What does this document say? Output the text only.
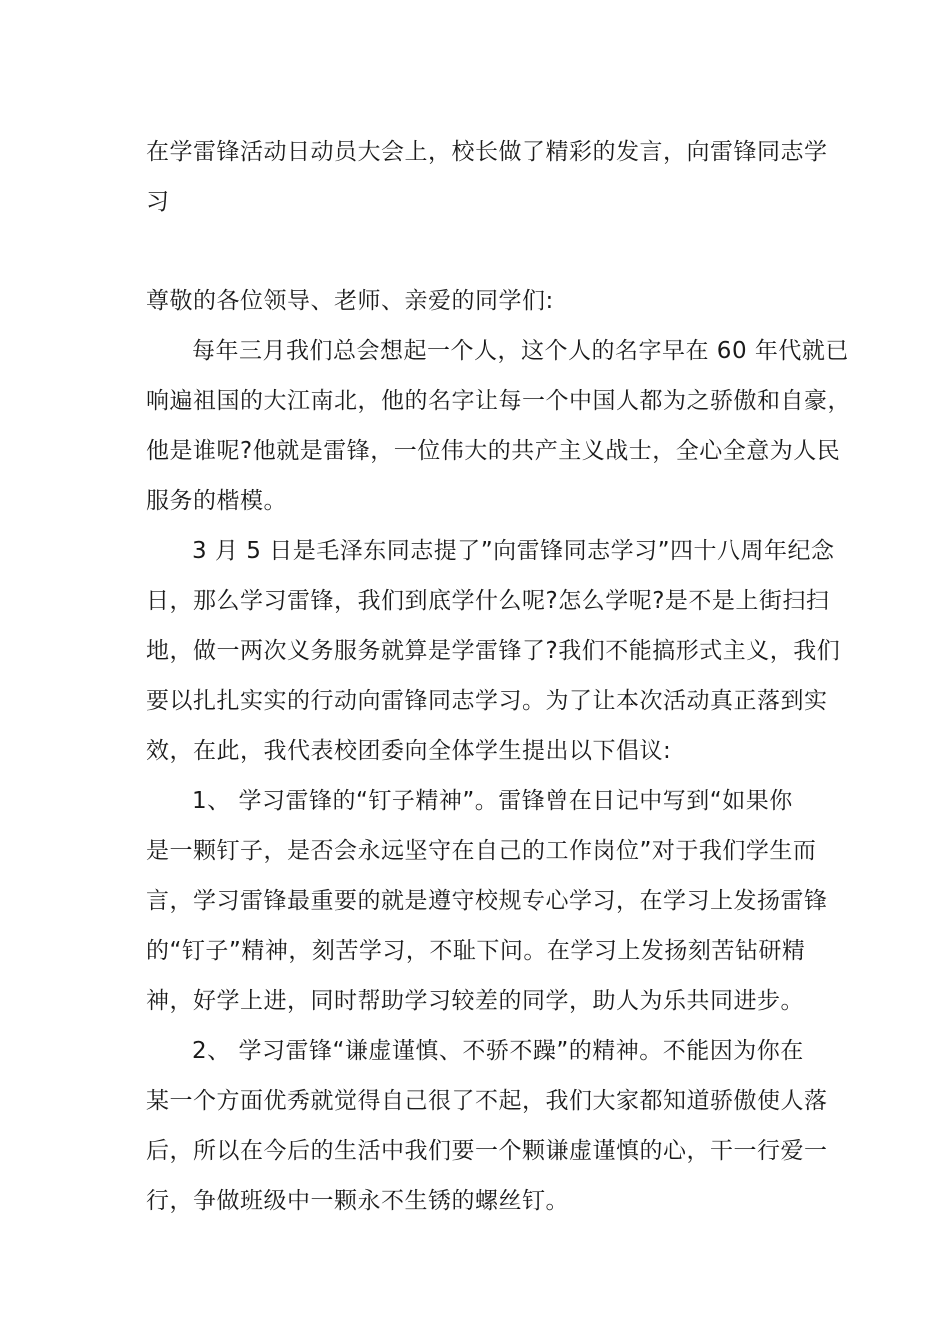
在学雷锋活动日动员大会上，校长做了精彩的发言，向雷锋同志学
习
尊敬的各位领导、老师、亲爱的同学们:
每年三月我们总会想起一个人，这个人的名字早在 60 年代就已
响遍祖国的大江南北，他的名字让每一个中国人都为之骄傲和自豪，
他是谁呢?他就是雷锋，一位伟大的共产主义战士，全心全意为人民
服务的楷模。
3 月 5 日是毛泽东同志提了”向雷锋同志学习”四十八周年纪念
日，那么学习雷锋，我们到底学什么呢?怎么学呢?是不是上街扫扫
地，做一两次义务服务就算是学雷锋了?我们不能搞形式主义，我们
要以扎扎实实的行动向雷锋同志学习。为了让本次活动真正落到实
效，在此，我代表校团委向全体学生提出以下倡议:
1、 学习雷锋的“钉子精神”。雷锋曾在日记中写到“如果你
是一颗钉子，是否会永远坚守在自己的工作岗位”对于我们学生而
言，学习雷锋最重要的就是遵守校规专心学习，在学习上发扬雷锋
的“钉子”精神，刻苦学习，不耻下问。在学习上发扬刻苦钻研精
神，好学上进，同时帮助学习较差的同学，助人为乐共同进步。
2、 学习雷锋“谦虚谨慎、不骄不躁”的精神。不能因为你在
某一个方面优秀就觉得自己很了不起，我们大家都知道骄傲使人落
后，所以在今后的生活中我们要一个颗谦虚谨慎的心，干一行爱一
行，争做班级中一颗永不生锈的螺丝钉。
